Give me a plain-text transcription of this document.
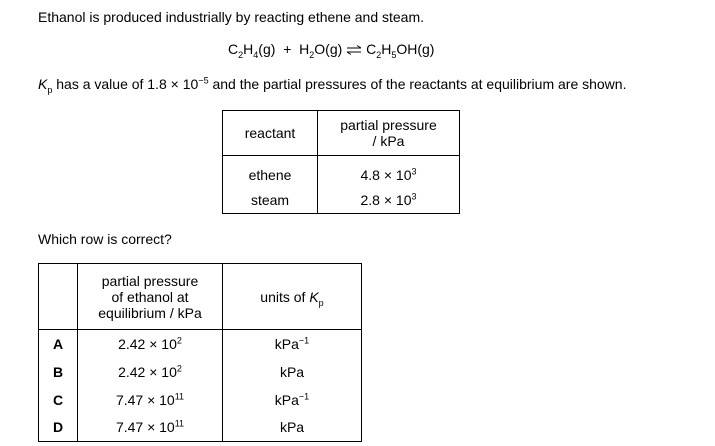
Ethanol is produced industrially by reacting ethene and steam.
$C_2H_4(g) + H_2O(g)$ ⇌ $C_2H_5OH(g)$
$K_p$ has a value of $1.8 \times 10^{-5}$ and the partial pressures of the reactants at equilibrium are shown.
reactant	partial pressure
/ kPa

ethene	$4.8 \times 10^3$
steam	$2.8 \times 10^3$
Which row is correct?

	partial pressure
of ethanol at
equilibrium / kPa	units of $K_p$
A	$2.42 \times 10^2$	kPa$^{-1}$
B	$2.42 \times 10^2$	kPa
C	$7.47 \times 10^{11}$	kPa$^{-1}$
D	$7.47 \times 10^{11}$	kPa
